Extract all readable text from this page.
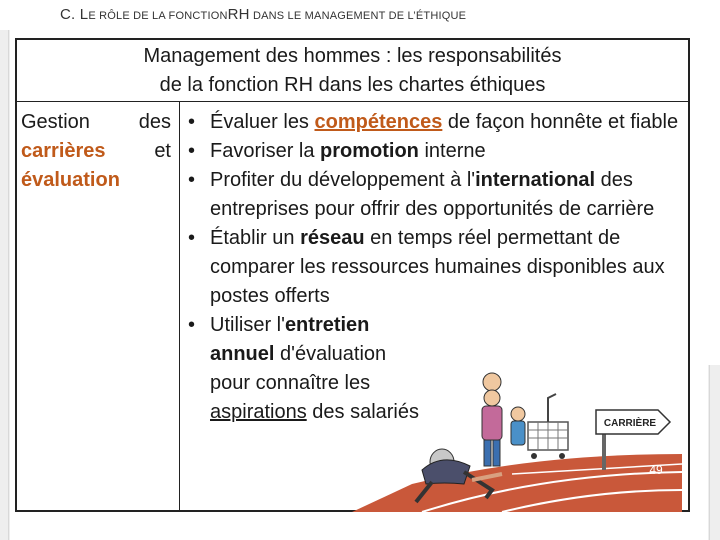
C. LE RÔLE DE LA FONCTIONRH DANS LE MANAGEMENT DE L’ÉTHIQUE
Management des hommes : les responsabilités
de la fonction RH dans les chartes éthiques
Gestion des
carrières et
évaluation
• Évaluer les compétences de façon honnête et fiable
• Favoriser la promotion interne
• Profiter du développement à l'international des entreprises pour offrir des opportunités de carrière
• Établir un réseau en temps réel permettant de comparer les ressources humaines disponibles aux postes offerts
• Utiliser l'entretien annuel d'évaluation pour connaître les aspirations des salariés
CARRIÈRE
49
